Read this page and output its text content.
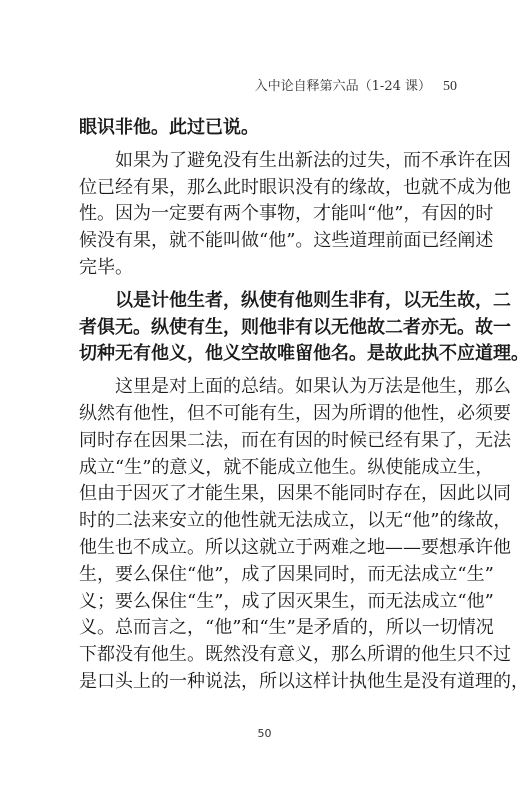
入中论自释第六品（1-24 课） 50
眼识非他。此过已说。
如果为了避免没有生出新法的过失，而不承许在因
位已经有果，那么此时眼识没有的缘故，也就不成为他
性。因为一定要有两个事物，才能叫“他”，有因的时
候没有果，就不能叫做“他”。这些道理前面已经阐述
完毕。
以是计他生者，纵使有他则生非有，以无生故，二
者俱无。纵使有生，则他非有以无他故二者亦无。故一
切种无有他义，他义空故唯留他名。是故此执不应道理。
这里是对上面的总结。如果认为万法是他生，那么
纵然有他性，但不可能有生，因为所谓的他性，必须要
同时存在因果二法，而在有因的时候已经有果了，无法
成立“生”的意义，就不能成立他生。纵使能成立生，
但由于因灭了才能生果，因果不能同时存在，因此以同
时的二法来安立的他性就无法成立，以无“他”的缘故，
他生也不成立。所以这就立于两难之地——要想承许他
生，要么保住“他”，成了因果同时，而无法成立“生”
义；要么保住“生”，成了因灭果生，而无法成立“他”
义。总而言之，“他”和“生”是矛盾的，所以一切情况
下都没有他生。既然没有意义，那么所谓的他生只不过
是口头上的一种说法，所以这样计执他生是没有道理的，
50
